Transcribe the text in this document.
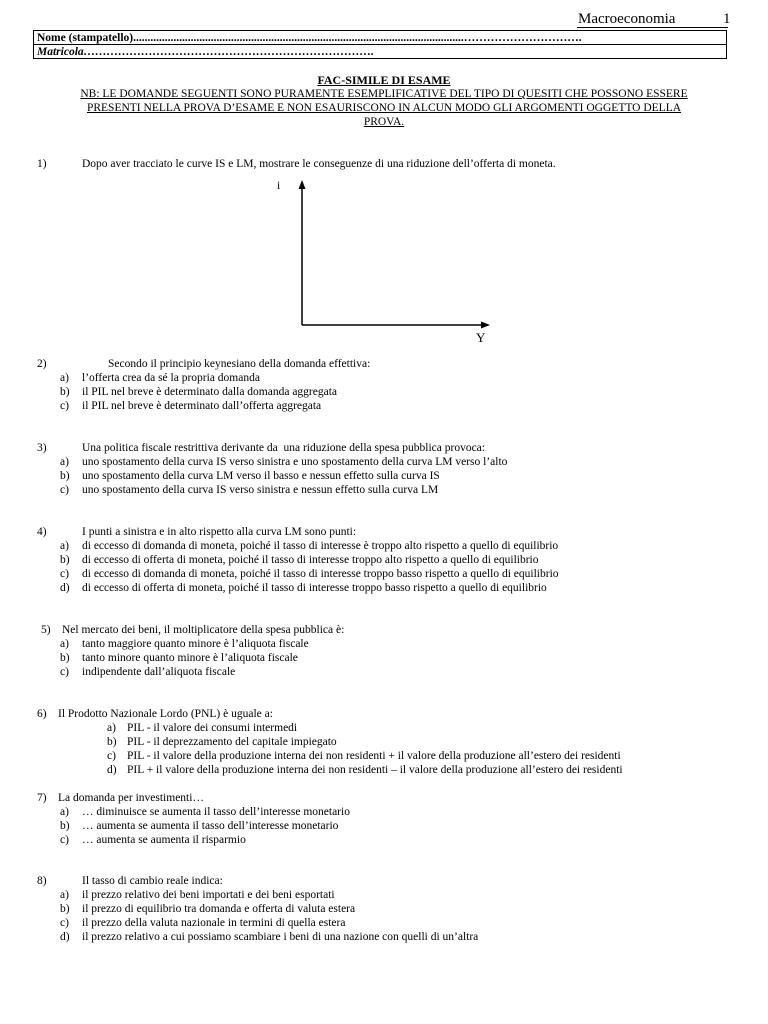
Macroeconomia	1
Nome (stampatello)...................................................................................................................………………………….
Matricola………………………………………………………………….
FAC-SIMILE DI ESAME
NB: LE DOMANDE SEGUENTI SONO PURAMENTE ESEMPLIFICATIVE DEL TIPO DI QUESITI CHE POSSONO ESSERE
PRESENTI NELLA PROVA D’ESAME E NON ESAURISCONO IN ALCUN MODO GLI ARGOMENTI OGGETTO DELLA
PROVA.
1)	Dopo aver tracciato le curve IS e LM, mostrare le conseguenze di una riduzione dell’offerta di moneta.
i
Y
2)	Secondo il principio keynesiano della domanda effettiva:
a) l’offerta crea da sé la propria domanda
b) il PIL nel breve è determinato dalla domanda aggregata
c) il PIL nel breve è determinato dall’offerta aggregata
3)	Una politica fiscale restrittiva derivante da  una riduzione della spesa pubblica provoca:
a) uno spostamento della curva IS verso sinistra e uno spostamento della curva LM verso l’alto
b) uno spostamento della curva LM verso il basso e nessun effetto sulla curva IS
c) uno spostamento della curva IS verso sinistra e nessun effetto sulla curva LM
4)	I punti a sinistra e in alto rispetto alla curva LM sono punti:
a) di eccesso di domanda di moneta, poiché il tasso di interesse è troppo alto rispetto a quello di equilibrio
b) di eccesso di offerta di moneta, poiché il tasso di interesse troppo alto rispetto a quello di equilibrio
c) di eccesso di domanda di moneta, poiché il tasso di interesse troppo basso rispetto a quello di equilibrio
d) di eccesso di offerta di moneta, poiché il tasso di interesse troppo basso rispetto a quello di equilibrio
5) Nel mercato dei beni, il moltiplicatore della spesa pubblica è:
a) tanto maggiore quanto minore è l’aliquota fiscale
b) tanto minore quanto minore è l’aliquota fiscale
c) indipendente dall’aliquota fiscale
6) Il Prodotto Nazionale Lordo (PNL) è uguale a:
a) PIL - il valore dei consumi intermedi
b) PIL - il deprezzamento del capitale impiegato
c) PIL - il valore della produzione interna dei non residenti + il valore della produzione all’estero dei residenti
d) PIL + il valore della produzione interna dei non residenti – il valore della produzione all’estero dei residenti
7) La domanda per investimenti…
a) … diminuisce se aumenta il tasso dell’interesse monetario
b) … aumenta se aumenta il tasso dell’interesse monetario
c) … aumenta se aumenta il risparmio
8)	Il tasso di cambio reale indica:
a) il prezzo relativo dei beni importati e dei beni esportati
b) il prezzo di equilibrio tra domanda e offerta di valuta estera
c) il prezzo della valuta nazionale in termini di quella estera
d) il prezzo relativo a cui possiamo scambiare i beni di una nazione con quelli di un’altra
